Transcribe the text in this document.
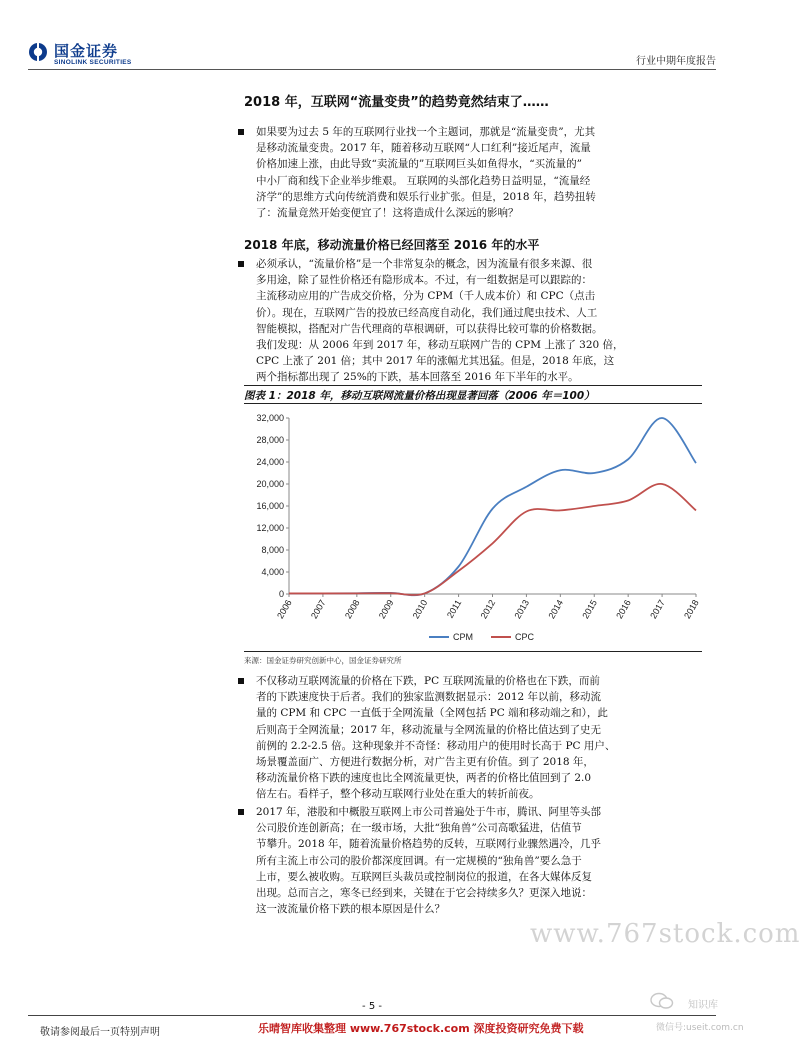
国金证券
SINOLINK SECURITIES	行业中期年度报告
2018 年，互联网“流量变贵”的趋势竟然结束了……
如果要为过去 5 年的互联网行业找一个主题词，那就是“流量变贵”，尤其
是移动流量变贵。2017 年，随着移动互联网“人口红利”接近尾声，流量
价格加速上涨，由此导致“卖流量的”互联网巨头如鱼得水，“买流量的”
中小厂商和线下企业举步维艰。 互联网的头部化趋势日益明显，“流量经
济学”的思维方式向传统消费和娱乐行业扩张。但是，2018 年，趋势扭转
了：流量竟然开始变便宜了！这将造成什么深远的影响？
2018 年底，移动流量价格已经回落至 2016 年的水平
必须承认，“流量价格”是一个非常复杂的概念，因为流量有很多来源、很
多用途，除了显性价格还有隐形成本。不过，有一组数据是可以跟踪的：
主流移动应用的广告成交价格，分为 CPM（千人成本价）和 CPC（点击
价）。现在，互联网广告的投放已经高度自动化，我们通过爬虫技术、人工
智能模拟，搭配对广告代理商的草根调研，可以获得比较可靠的价格数据。
我们发现：从 2006 年到 2017 年，移动互联网广告的 CPM 上涨了 320 倍，
CPC 上涨了 201 倍；其中 2017 年的涨幅尤其迅猛。但是，2018 年底，这
两个指标都出现了 25%的下跌，基本回落至 2016 年下半年的水平。
图表 1：2018 年，移动互联网流量价格出现显著回落（2006 年＝100）
0
4,000
8,000
12,000
16,000
20,000
24,000
28,000
32,000
2006 2007 2008 2009 2010 2011 2012 2013 2014 2015 2016 2017 2018
CPM	CPC
来源：国金证券研究创新中心，国金证券研究所
不仅移动互联网流量的价格在下跌，PC 互联网流量的价格也在下跌，而前
者的下跌速度快于后者。我们的独家监测数据显示：2012 年以前，移动流
量的 CPM 和 CPC 一直低于全网流量（全网包括 PC 端和移动端之和），此
后则高于全网流量；2017 年，移动流量与全网流量的价格比值达到了史无
前例的 2.2-2.5 倍。这种现象并不奇怪：移动用户的使用时长高于 PC 用户、
场景覆盖面广、方便进行数据分析，对广告主更有价值。到了 2018 年，
移动流量价格下跌的速度也比全网流量更快，两者的价格比值回到了 2.0
倍左右。看样子，整个移动互联网行业处在重大的转折前夜。
2017 年，港股和中概股互联网上市公司普遍处于牛市，腾讯、阿里等头部
公司股价连创新高；在一级市场，大批“独角兽”公司高歌猛进，估值节
节攀升。2018 年，随着流量价格趋势的反转，互联网行业骤然遇冷，几乎
所有主流上市公司的股价都深度回调。有一定规模的“独角兽”要么急于
上市，要么被收购。互联网巨头裁员或控制岗位的报道，在各大媒体反复
出现。总而言之，寒冬已经到来，关键在于它会持续多久？更深入地说：
这一波流量价格下跌的根本原因是什么？
www.767stock.com
知识库
微信号:useit.com.cn
- 5 -
敬请参阅最后一页特别声明	乐晴智库收集整理 www.767stock.com 深度投资研究免费下载
